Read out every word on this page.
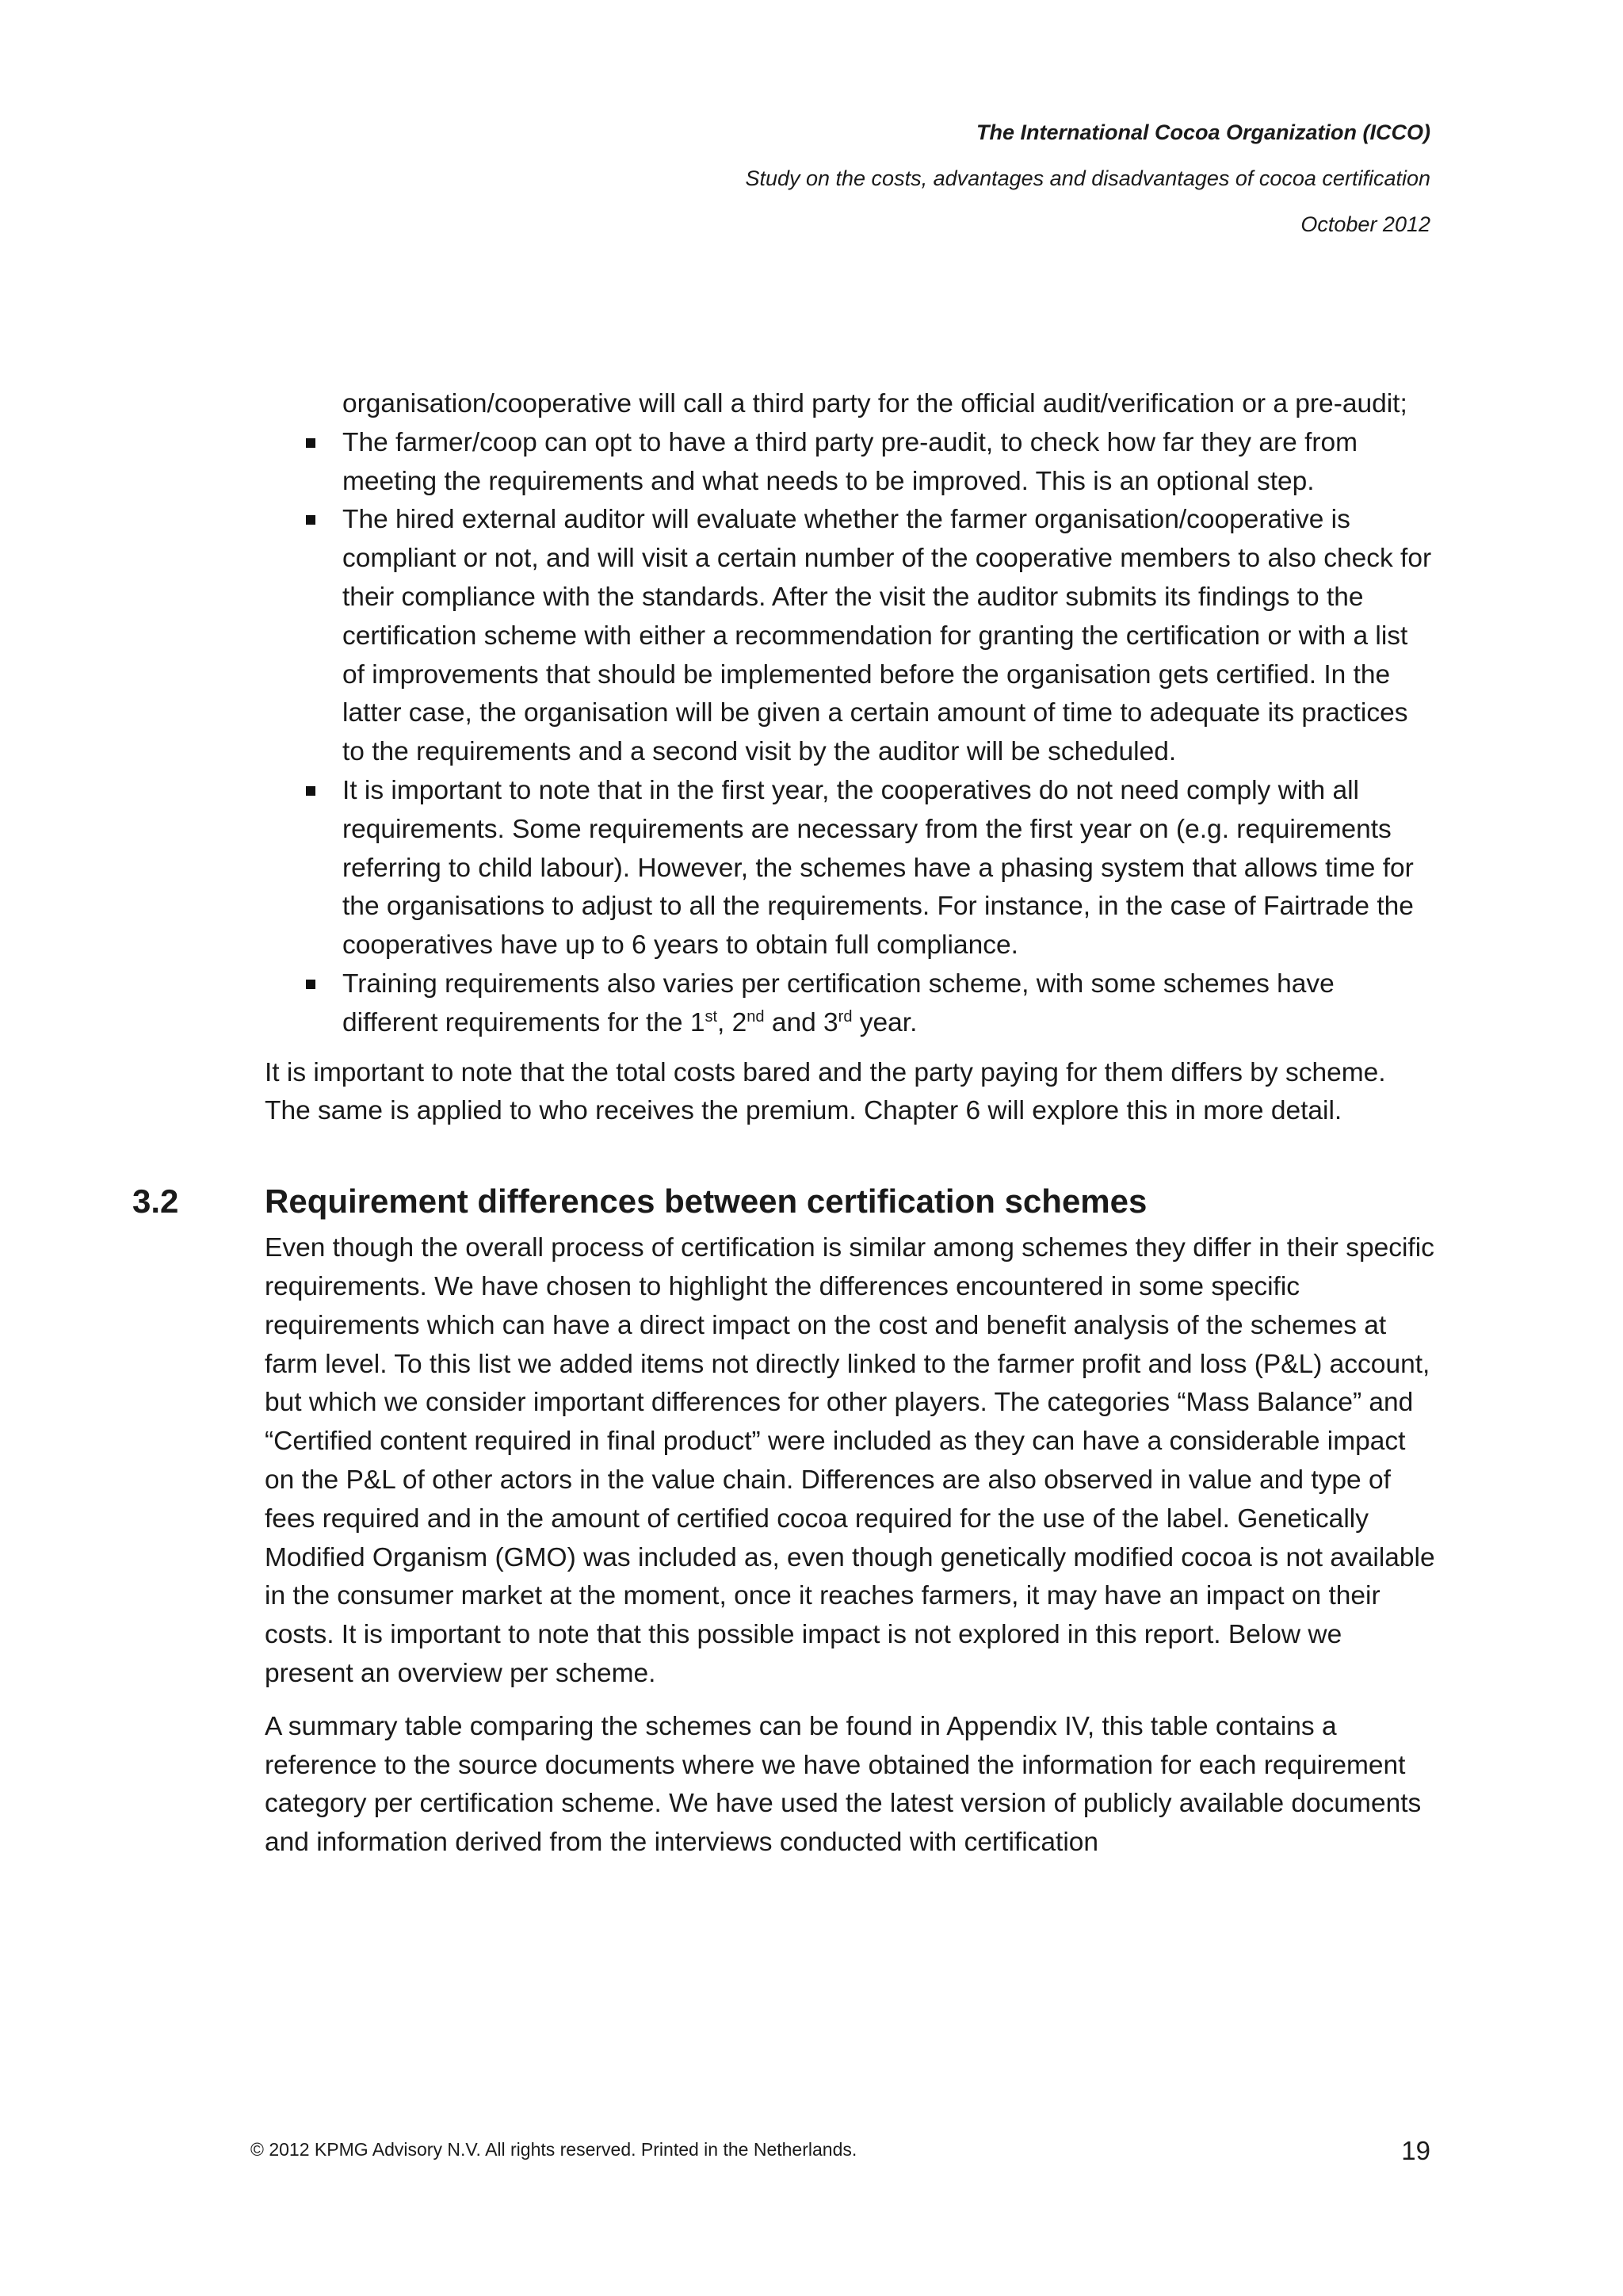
The International Cocoa Organization (ICCO)
Study on the costs, advantages and disadvantages of cocoa certification
October 2012
organisation/cooperative will call a third party for the official audit/verification or a pre-audit;
The farmer/coop can opt to have a third party pre-audit, to check how far they are from meeting the requirements and what needs to be improved. This is an optional step.
The hired external auditor will evaluate whether the farmer organisation/cooperative is compliant or not, and will visit a certain number of the cooperative members to also check for their compliance with the standards. After the visit the auditor submits its findings to the certification scheme with either a recommendation for granting the certification or with a list of improvements that should be implemented before the organisation gets certified. In the latter case, the organisation will be given a certain amount of time to adequate its practices to the requirements and a second visit by the auditor will be scheduled.
It is important to note that in the first year, the cooperatives do not need comply with all requirements. Some requirements are necessary from the first year on (e.g. requirements referring to child labour). However, the schemes have a phasing system that allows time for the organisations to adjust to all the requirements. For instance, in the case of Fairtrade the cooperatives have up to 6 years to obtain full compliance.
Training requirements also varies per certification scheme, with some schemes have different requirements for the 1st, 2nd and 3rd year.

It is important to note that the total costs bared and the party paying for them differs by scheme. The same is applied to who receives the premium. Chapter 6 will explore this in more detail.

3.2	Requirement differences between certification schemes

Even though the overall process of certification is similar among schemes they differ in their specific requirements. We have chosen to highlight the differences encountered in some specific requirements which can have a direct impact on the cost and benefit analysis of the schemes at farm level. To this list we added items not directly linked to the farmer profit and loss (P&L) account, but which we consider important differences for other players. The categories “Mass Balance” and “Certified content required in final product” were included as they can have a considerable impact on the P&L of other actors in the value chain. Differences are also observed in value and type of fees required and in the amount of certified cocoa required for the use of the label. Genetically Modified Organism (GMO) was included as, even though genetically modified cocoa is not available in the consumer market at the moment, once it reaches farmers, it may have an impact on their costs. It is important to note that this possible impact is not explored in this report. Below we present an overview per scheme.

A summary table comparing the schemes can be found in Appendix IV, this table contains a reference to the source documents where we have obtained the information for each requirement category per certification scheme. We have used the latest version of publicly available documents and information derived from the interviews conducted with certification

© 2012 KPMG Advisory N.V. All rights reserved. Printed in the Netherlands.	19
